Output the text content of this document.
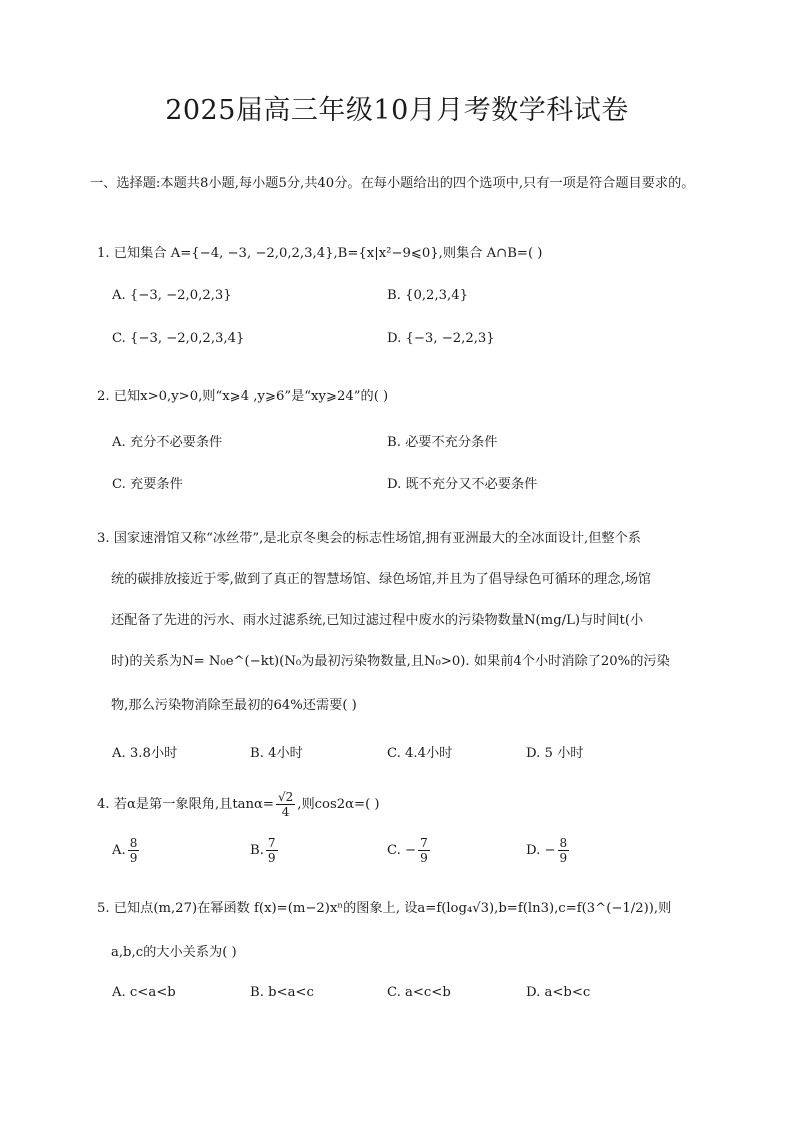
2025届高三年级10月月考数学科试卷
一、选择题:本题共8小题,每小题5分,共40分。在每小题给出的四个选项中,只有一项是符合题目要求的。
1. 已知集合 A={−4, −3, −2,0,2,3,4},B={x|x²−9⩽0},则集合 A∩B=( )
A. {−3, −2,0,2,3}	B. {0,2,3,4}
C. {−3, −2,0,2,3,4}	D. {−3, −2,2,3}
2. 已知x>0,y>0,则“x⩾4 ,y⩾6”是“xy⩾24”的( )
A. 充分不必要条件	B. 必要不充分条件
C. 充要条件	D. 既不充分又不必要条件
3. 国家速滑馆又称“冰丝带”,是北京冬奥会的标志性场馆,拥有亚洲最大的全冰面设计,但整个系
统的碳排放接近于零,做到了真正的智慧场馆、绿色场馆,并且为了倡导绿色可循环的理念,场馆
还配备了先进的污水、雨水过滤系统,已知过滤过程中废水的污染物数量N(mg/L)与时间t(小
时)的关系为N= N₀e^(−kt)(N₀为最初污染物数量,且N₀>0). 如果前4个小时消除了20%的污染
物,那么污染物消除至最初的64%还需要( )
A. 3.8小时	B. 4小时	C. 4.4小时	D. 5 小时
4. 若α是第一象限角,且$\tan\alpha= \frac{√2}{4}$ ,则cos2α=( )
A. $\frac{8}{9}$	B. $\frac{7}{9}$	C. − $\frac{7}{9}$	D. − $\frac{8}{9}$
5. 已知点(m,27)在幂函数 f(x)=(m−2)xⁿ的图象上, 设a=f(log₄√3),b=f(ln3),c=f(3^(−1/2)),则
a,b,c的大小关系为( )
A. c<a<b	B. b<a<c	C. a<c<b	D. a<b<c
